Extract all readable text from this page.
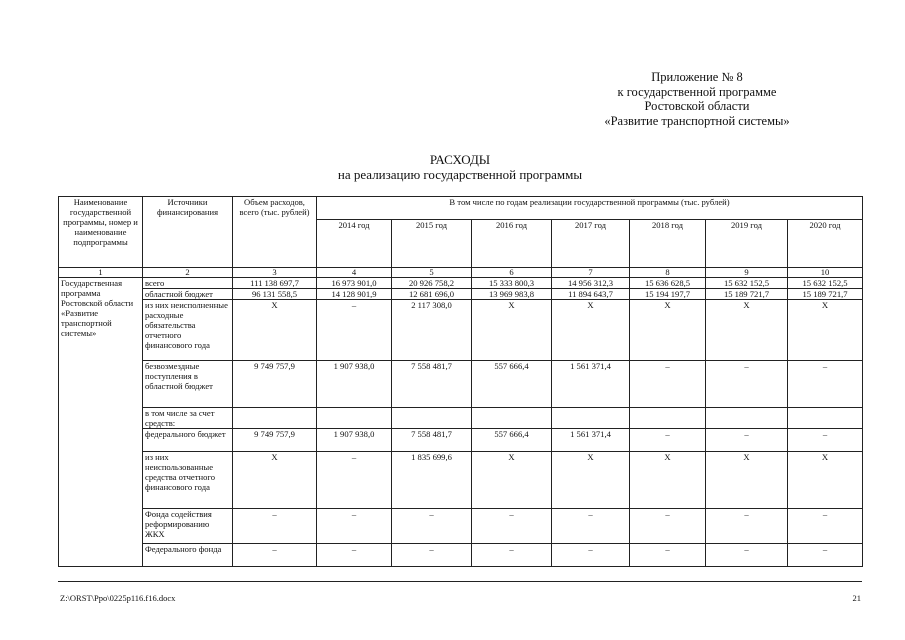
Приложение № 8
к государственной программе
Ростовской области
«Развитие транспортной системы»
РАСХОДЫ
на реализацию государственной программы
Наименование государственной программы, номер и наименование подпрограммы	Источники финансирования	Объем расходов, всего (тыс. рублей)	В том числе по годам реализации государственной программы (тыс. рублей)						
			2014 год	2015 год	2016 год	2017 год	2018 год	2019 год	2020 год
1	2	3	4	5	6	7	8	9	10
Государственная программа Ростовской области «Развитие транспортной системы»	всего	111 138 697,7	16 973 901,0	20 926 758,2	15 333 800,3	14 956 312,3	15 636 628,5	15 632 152,5	15 632 152,5
	областной бюджет	96 131 558,5	14 128 901,9	12 681 696,0	13 969 983,8	11 894 643,7	15 194 197,7	15 189 721,7	15 189 721,7
	из них неисполненные расходные обязательства отчетного финансового года	Х	–	2 117 308,0	Х	Х	Х	Х	Х
	безвозмездные поступления в областной бюджет	9 749 757,9	1 907 938,0	7 558 481,7	557 666,4	1 561 371,4	–	–	–
	в том числе за счет средств:								
	федерального бюджет	9 749 757,9	1 907 938,0	7 558 481,7	557 666,4	1 561 371,4	–	–	–
	из них неиспользованные средства отчетного финансового года	Х	–	1 835 699,6	Х	Х	Х	Х	Х
	Фонда содействия реформированию ЖКХ	–	–	–	–	–	–	–	–
	Федерального фонда	–	–	–	–	–	–	–	–
Z:\ORST\Ppo\0225p116.f16.docx	21
